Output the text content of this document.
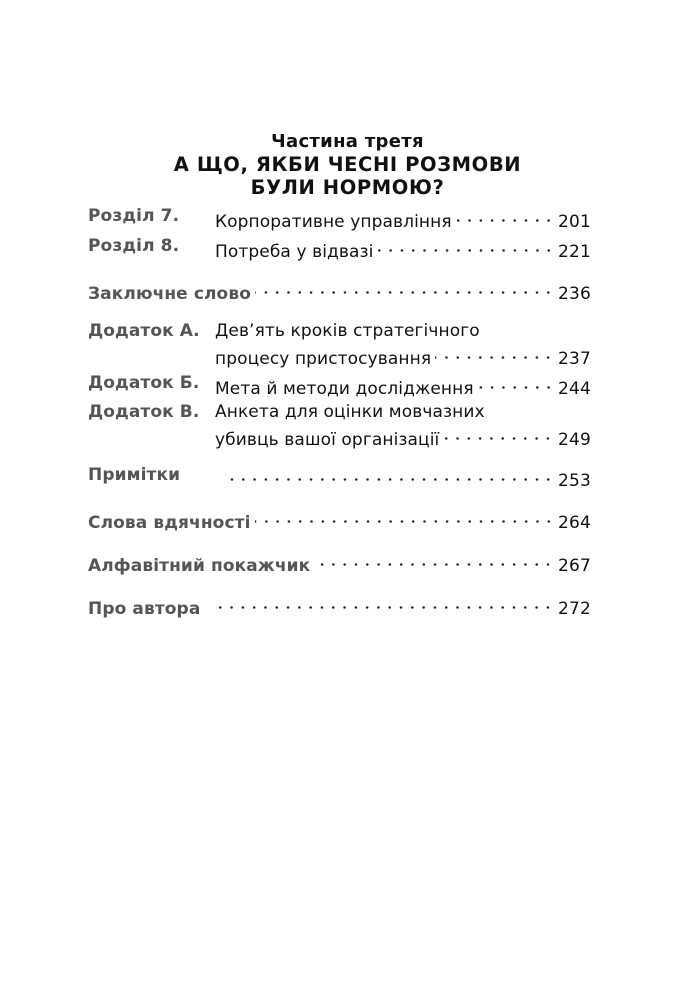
Частина третя
А ЩО, ЯКБИ ЧЕСНІ РОЗМОВИ
БУЛИ НОРМОЮ?
Розділ 7. Корпоративне управління	201
Розділ 8. Потреба у відвазі	221
Заключне слово	236
Додаток А. Дев’ять кроків стратегічного
процесу пристосування	237
Додаток Б. Мета й методи дослідження	244
Додаток В. Анкета для оцінки мовчазних
убивць вашої організації	249
Примітки	253
Слова вдячності	264
Алфавітний покажчик	267
Про автора	272
